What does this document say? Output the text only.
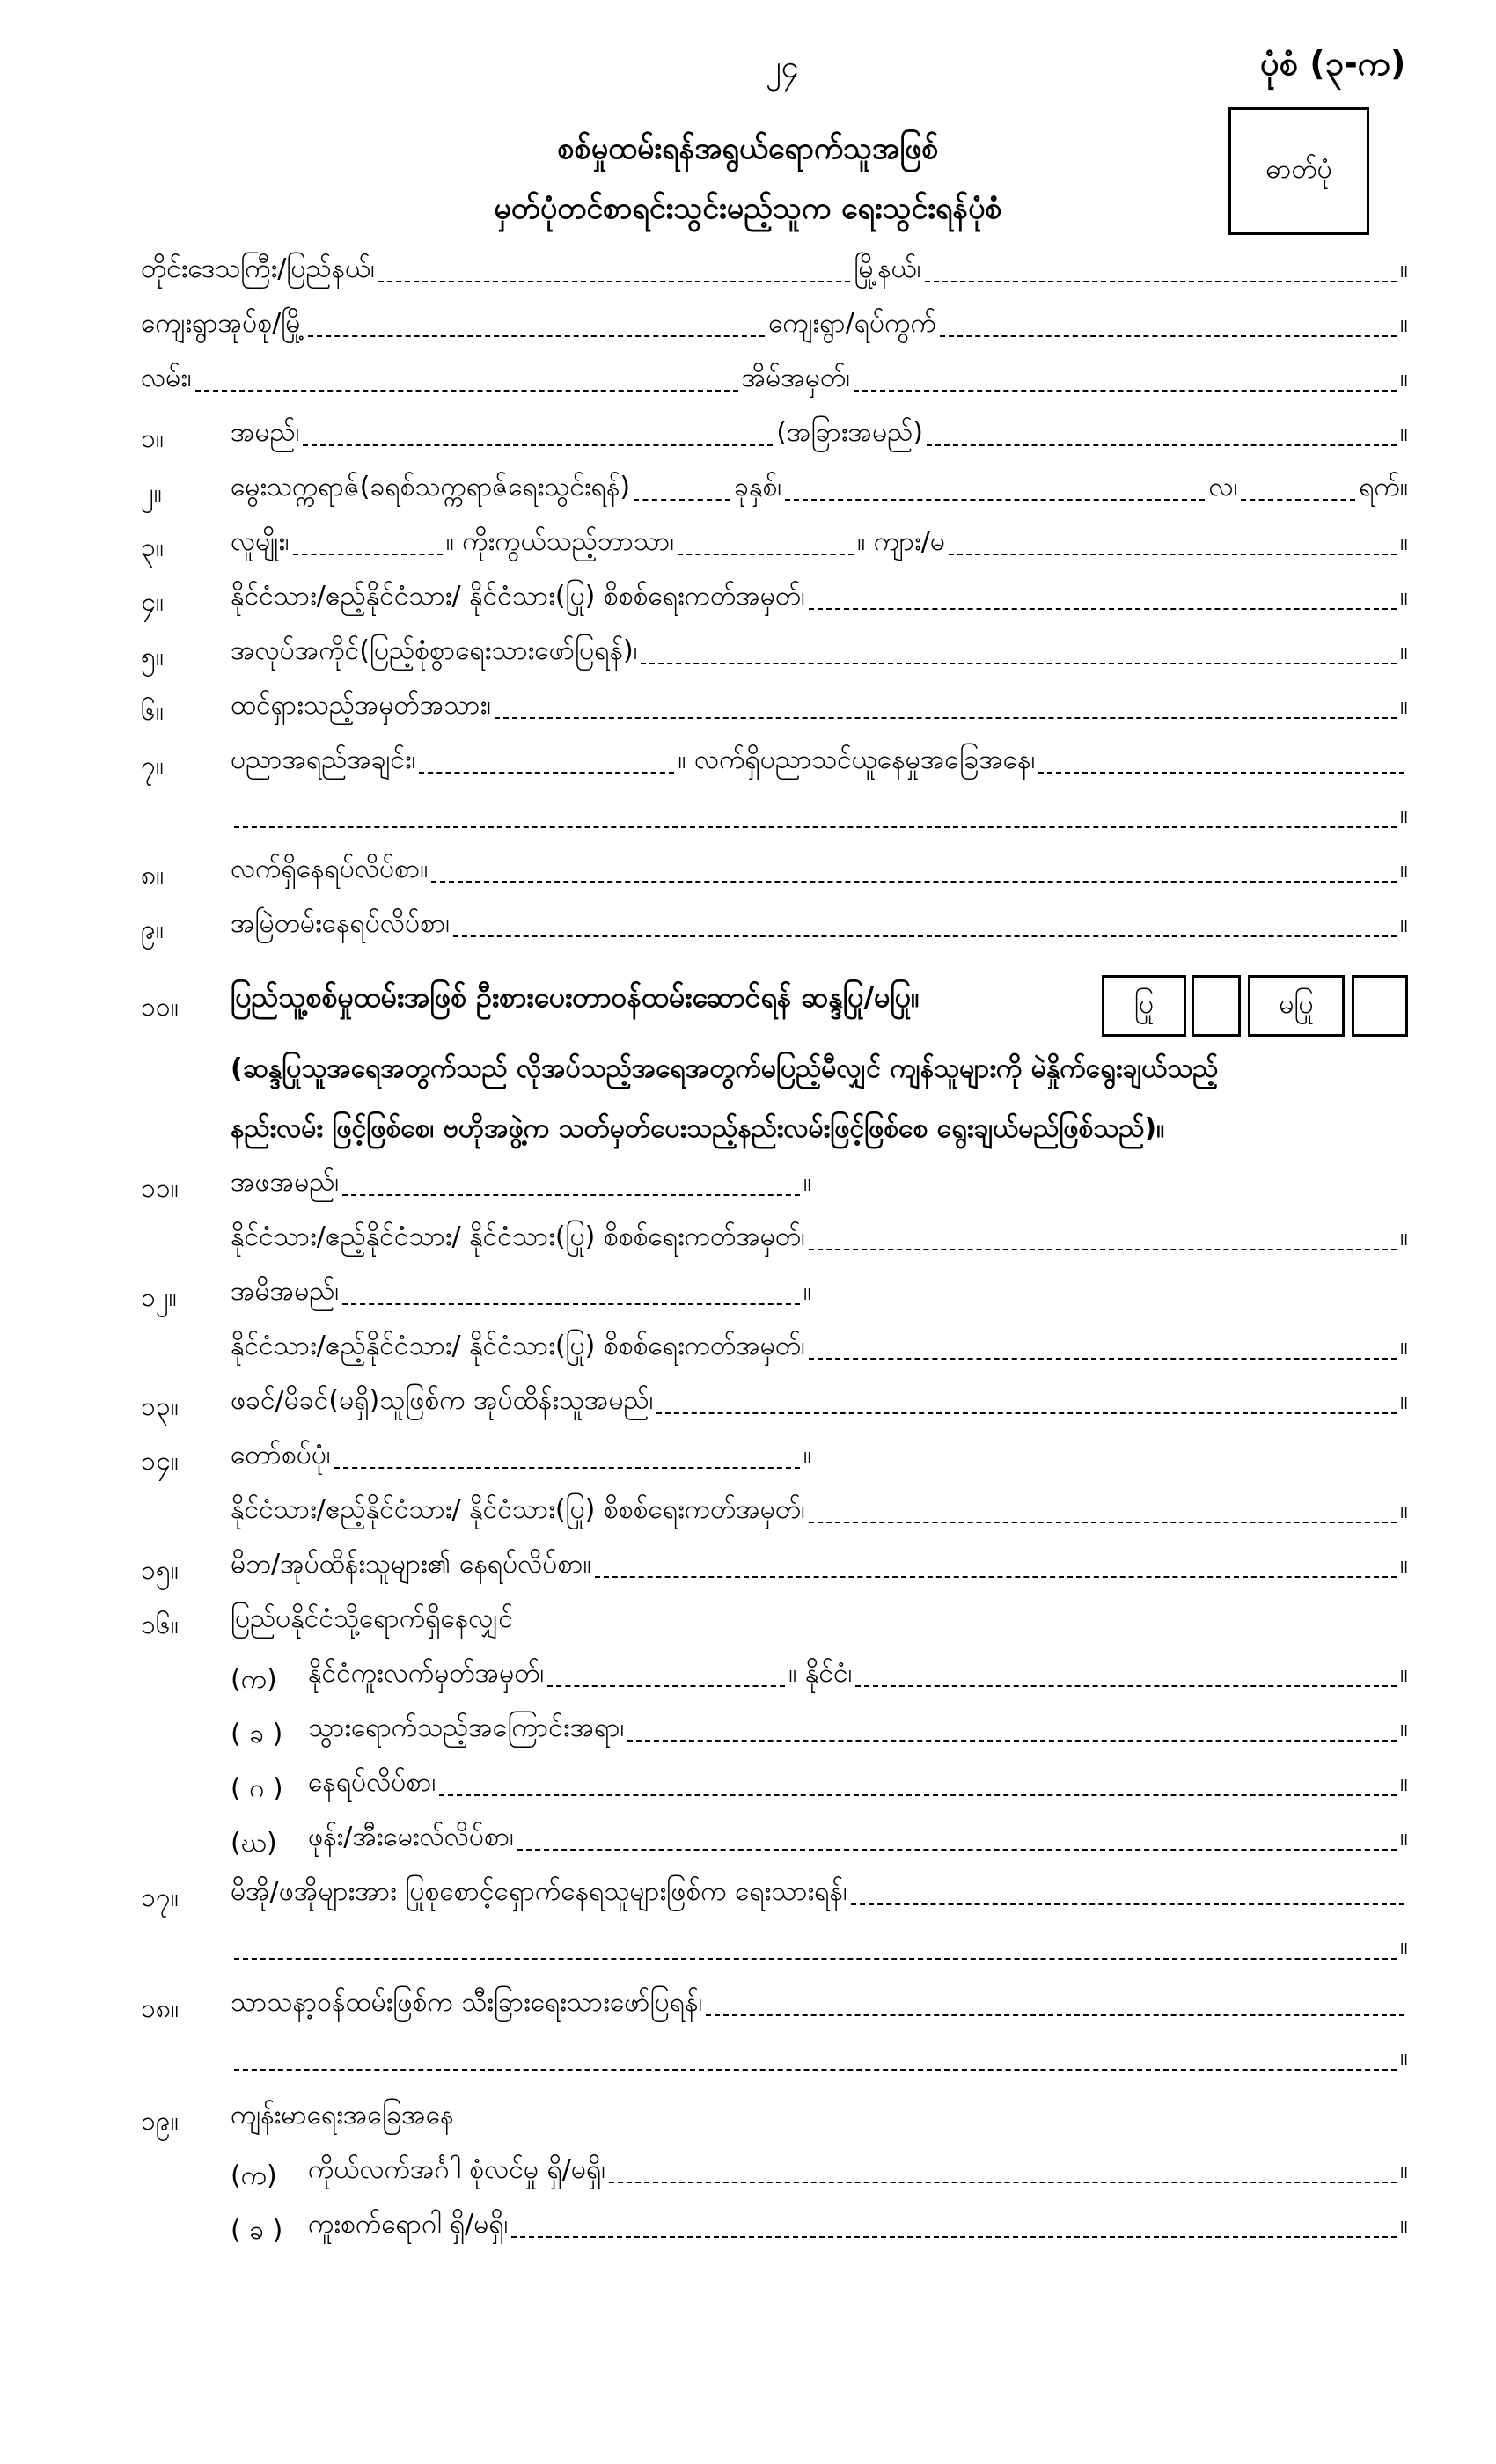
၂၄	ပုံစံ (၃-က)
ဓာတ်ပုံ
စစ်မှုထမ်းရန်အရွယ်ရောက်သူအဖြစ်
မှတ်ပုံတင်စာရင်းသွင်းမည့်သူက ရေးသွင်းရန်ပုံစံ
တိုင်းဒေသကြီး/ပြည်နယ်၊	မြို့နယ်၊	။
ကျေးရွာအုပ်စု/မြို့	ကျေးရွာ/ရပ်ကွက်	။
လမ်း၊	အိမ်အမှတ်၊	။
၁။	အမည်၊	(အခြားအမည်)	။
၂။	မွေးသက္ကရာဇ်(ခရစ်သက္ကရာဇ်ရေးသွင်းရန်)	ခုနှစ်၊	လ၊	ရက် ။
၃။	လူမျိုး၊	။ ကိုးကွယ်သည့်ဘာသာ၊	။ ကျား/မ	။
၄။	နိုင်ငံသား/ဧည့်နိုင်ငံသား/ နိုင်ငံသား(ပြု) စိစစ်ရေးကတ်အမှတ်၊	။
၅။	အလုပ်အကိုင်(ပြည့်စုံစွာရေးသားဖော်ပြရန်)၊	။
၆။	ထင်ရှားသည့်အမှတ်အသား၊	။
၇။	ပညာအရည်အချင်း၊	။ လက်ရှိပညာသင်ယူနေမှုအခြေအနေ၊
။
၈။	လက်ရှိနေရပ်လိပ်စာ။	။
၉။	အမြဲတမ်းနေရပ်လိပ်စာ၊	။
၁၀။	ပြည်သူ့စစ်မှုထမ်းအဖြစ် ဦးစားပေးတာဝန်ထမ်းဆောင်ရန် ဆန္ဒပြု/မပြု။	ပြု	မပြု
(ဆန္ဒပြုသူအရေအတွက်သည် လိုအပ်သည့်အရေအတွက်မပြည့်မီလျှင် ကျန်သူများကို မဲနှိုက်ရွေးချယ်သည့်
နည်းလမ်း ဖြင့်ဖြစ်စေ၊ ဗဟိုအဖွဲ့က သတ်မှတ်ပေးသည့်နည်းလမ်းဖြင့်ဖြစ်စေ ရွေးချယ်မည်ဖြစ်သည်)။
၁၁။	အဖအမည်၊	။
နိုင်ငံသား/ဧည့်နိုင်ငံသား/ နိုင်ငံသား(ပြု) စိစစ်ရေးကတ်အမှတ်၊	။
၁၂။	အမိအမည်၊	။
နိုင်ငံသား/ဧည့်နိုင်ငံသား/ နိုင်ငံသား(ပြု) စိစစ်ရေးကတ်အမှတ်၊	။
၁၃။	ဖခင်/မိခင်(မရှိ)သူဖြစ်က အုပ်ထိန်းသူအမည်၊	။
၁၄။	တော်စပ်ပုံ၊	။
နိုင်ငံသား/ဧည့်နိုင်ငံသား/ နိုင်ငံသား(ပြု) စိစစ်ရေးကတ်အမှတ်၊	။
၁၅။	မိဘ/အုပ်ထိန်းသူများ၏ နေရပ်လိပ်စာ။	။
၁၆။	ပြည်ပနိုင်ငံသို့ရောက်ရှိနေလျှင်
(က) နိုင်ငံကူးလက်မှတ်အမှတ်၊	။ နိုင်ငံ၊	။
( ခ ) သွားရောက်သည့်အကြောင်းအရာ၊	။
( ဂ ) နေရပ်လိပ်စာ၊	။
(ဃ) ဖုန်း/အီးမေးလ်လိပ်စာ၊	။
၁၇။	မိအို/ဖအိုများအား ပြုစုစောင့်ရှောက်နေရသူများဖြစ်က ရေးသားရန်၊
။
၁၈။	သာသနာ့ဝန်ထမ်းဖြစ်က သီးခြားရေးသားဖော်ပြရန်၊
။
၁၉။	ကျန်းမာရေးအခြေအနေ
(က) ကိုယ်လက်အင်္ဂါ စုံလင်မှု ရှိ/မရှိ၊	။
( ခ ) ကူးစက်ရောဂါ ရှိ/မရှိ၊	။
